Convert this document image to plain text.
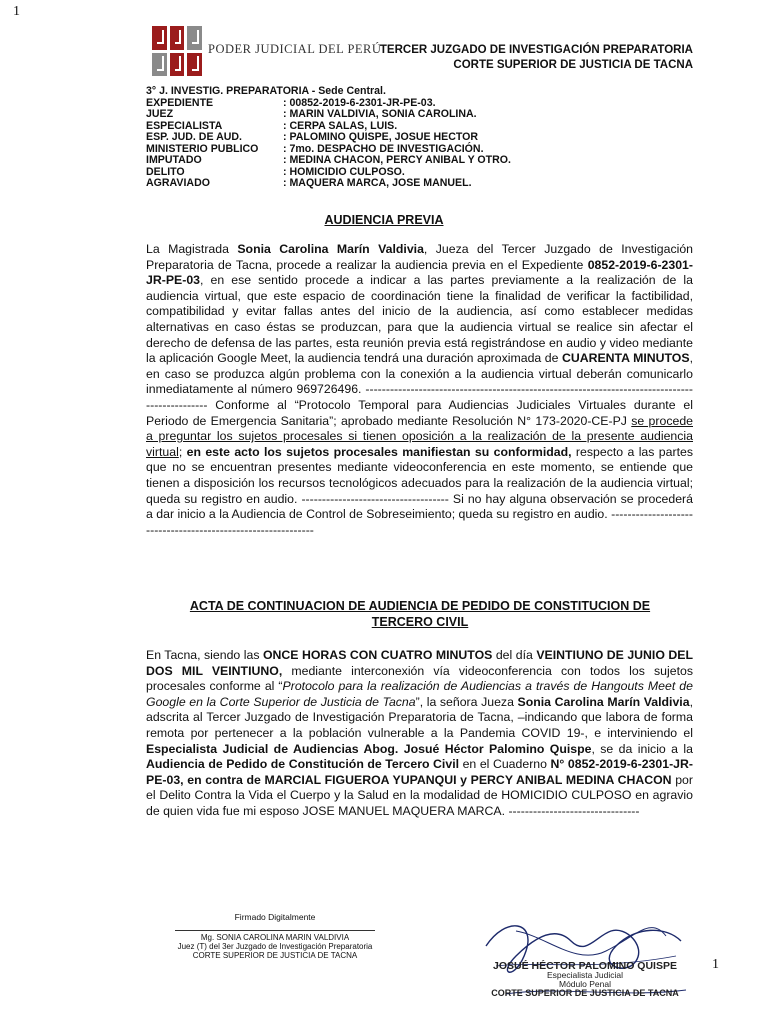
1
PODER JUDICIAL DEL PERÚ
TERCER JUZGADO DE INVESTIGACIÓN PREPARATORIA
CORTE SUPERIOR DE JUSTICIA DE TACNA
3° J. INVESTIG. PREPARATORIA - Sede Central.
EXPEDIENTE	: 00852-2019-6-2301-JR-PE-03.
JUEZ	: MARIN VALDIVIA, SONIA CAROLINA.
ESPECIALISTA	: CERPA SALAS, LUIS.
ESP. JUD. DE AUD.	: PALOMINO QUISPE, JOSUE HECTOR
MINISTERIO PUBLICO	: 7mo. DESPACHO DE INVESTIGACIÓN.
IMPUTADO	: MEDINA CHACON, PERCY ANIBAL Y OTRO.
DELITO	: HOMICIDIO CULPOSO.
AGRAVIADO	: MAQUERA MARCA, JOSE MANUEL.
AUDIENCIA PREVIA
La Magistrada Sonia Carolina Marín Valdivia, Jueza del Tercer Juzgado de Investigación Preparatoria de Tacna, procede a realizar la audiencia previa en el Expediente 0852-2019-6-2301-JR-PE-03, en ese sentido procede a indicar a las partes previamente a la realización de la audiencia virtual, que este espacio de coordinación tiene la finalidad de verificar la factibilidad, compatibilidad y evitar fallas antes del inicio de la audiencia, así como establecer medidas alternativas en caso éstas se produzcan, para que la audiencia virtual se realice sin afectar el derecho de defensa de las partes, esta reunión previa está registrándose en audio y video mediante la aplicación Google Meet, la audiencia tendrá una duración aproximada de CUARENTA MINUTOS, en caso se produzca algún problema con la conexión a la audiencia virtual deberán comunicarlo inmediatamente al número 969726496. ----------------------------------------------------------------------------------------------- Conforme al “Protocolo Temporal para Audiencias Judiciales Virtuales durante el Periodo de Emergencia Sanitaria”; aprobado mediante Resolución N° 173-2020-CE-PJ se procede a preguntar los sujetos procesales si tienen oposición a la realización de la presente audiencia virtual; en este acto los sujetos procesales manifiestan su conformidad, respecto a las partes que no se encuentran presentes mediante videoconferencia en este momento, se entiende que tienen a disposición los recursos tecnológicos adecuados para la realización de la audiencia virtual; queda su registro en audio. ------------------------------------ Si no hay alguna observación se procederá a dar inicio a la Audiencia de Control de Sobreseimiento; queda su registro en audio. -------------------------------------------------------------
ACTA DE CONTINUACION DE AUDIENCIA DE PEDIDO DE CONSTITUCION DE TERCERO CIVIL
En Tacna, siendo las ONCE HORAS CON CUATRO MINUTOS del día VEINTIUNO DE JUNIO DEL DOS MIL VEINTIUNO, mediante interconexión vía videoconferencia con todos los sujetos procesales conforme al “Protocolo para la realización de Audiencias a través de Hangouts Meet de Google en la Corte Superior de Justicia de Tacna”, la señora Jueza Sonia Carolina Marín Valdivia, adscrita al Tercer Juzgado de Investigación Preparatoria de Tacna, –indicando que labora de forma remota por pertenecer a la población vulnerable a la Pandemia COVID 19-, e interviniendo el Especialista Judicial de Audiencias Abog. Josué Héctor Palomino Quispe, se da inicio a la Audiencia de Pedido de Constitución de Tercero Civil en el Cuaderno N° 0852-2019-6-2301-JR-PE-03, en contra de MARCIAL FIGUEROA YUPANQUI y PERCY ANIBAL MEDINA CHACON por el Delito Contra la Vida el Cuerpo y la Salud en la modalidad de HOMICIDIO CULPOSO en agravio de quien vida fue mi esposo JOSE MANUEL MAQUERA MARCA. --------------------------------
Firmado Digitalmente
Mg. SONIA CAROLINA MARIN VALDIVIA
Juez (T) del 3er Juzgado de Investigación Preparatoria
CORTE SUPERIOR DE JUSTICIA DE TACNA
JOSUÉ HÉCTOR PALOMINO QUISPE
Especialista Judicial
Módulo Penal
CORTE SUPERIOR DE JUSTICIA DE TACNA
1
